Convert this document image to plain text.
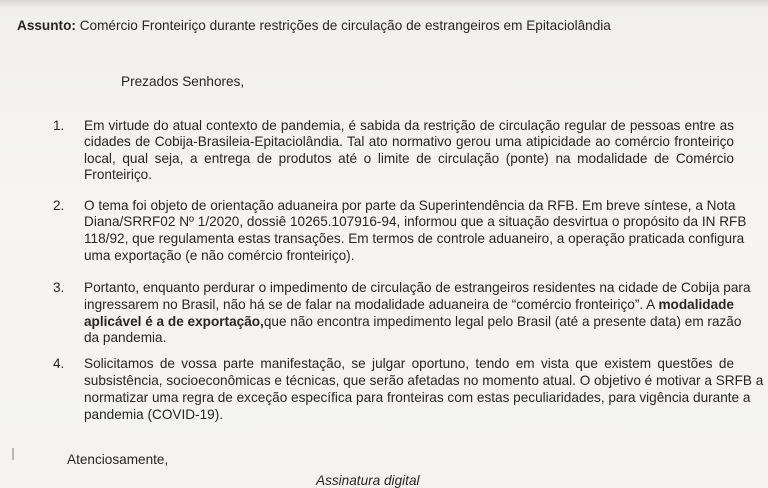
Assunto: Comércio Fronteiriço durante restrições de circulação de estrangeiros em Epitaciolândia
Prezados Senhores,
1. Em virtude do atual contexto de pandemia, é sabida da restrição de circulação regular de pessoas entre as
cidades de Cobija-Brasileia-Epitaciolândia. Tal ato normativo gerou uma atipicidade ao comércio fronteiriço
local, qual seja, a entrega de produtos até o limite de circulação (ponte) na modalidade de Comércio
Fronteiriço.
2. O tema foi objeto de orientação aduaneira por parte da Superintendência da RFB. Em breve síntese, a Nota
Diana/SRRF02 Nº 1/2020, dossiê 10265.107916-94, informou que a situação desvirtua o propósito da IN RFB
118/92, que regulamenta estas transações. Em termos de controle aduaneiro, a operação praticada configura
uma exportação (e não comércio fronteiriço).
3. Portanto, enquanto perdurar o impedimento de circulação de estrangeiros residentes na cidade de Cobija para
ingressarem no Brasil, não há se de falar na modalidade aduaneira de “comércio fronteiriço”. A modalidade
aplicável é a de exportação, que não encontra impedimento legal pelo Brasil (até a presente data) em razão
da pandemia.
4. Solicitamos de vossa parte manifestação, se julgar oportuno, tendo em vista que existem questões de
subsistência, socioeconômicas e técnicas, que serão afetadas no momento atual. O objetivo é motivar a SRFB a
normatizar uma regra de exceção específica para fronteiras com estas peculiaridades, para vigência durante a
pandemia (COVID-19).
Atenciosamente,
Assinatura digital
